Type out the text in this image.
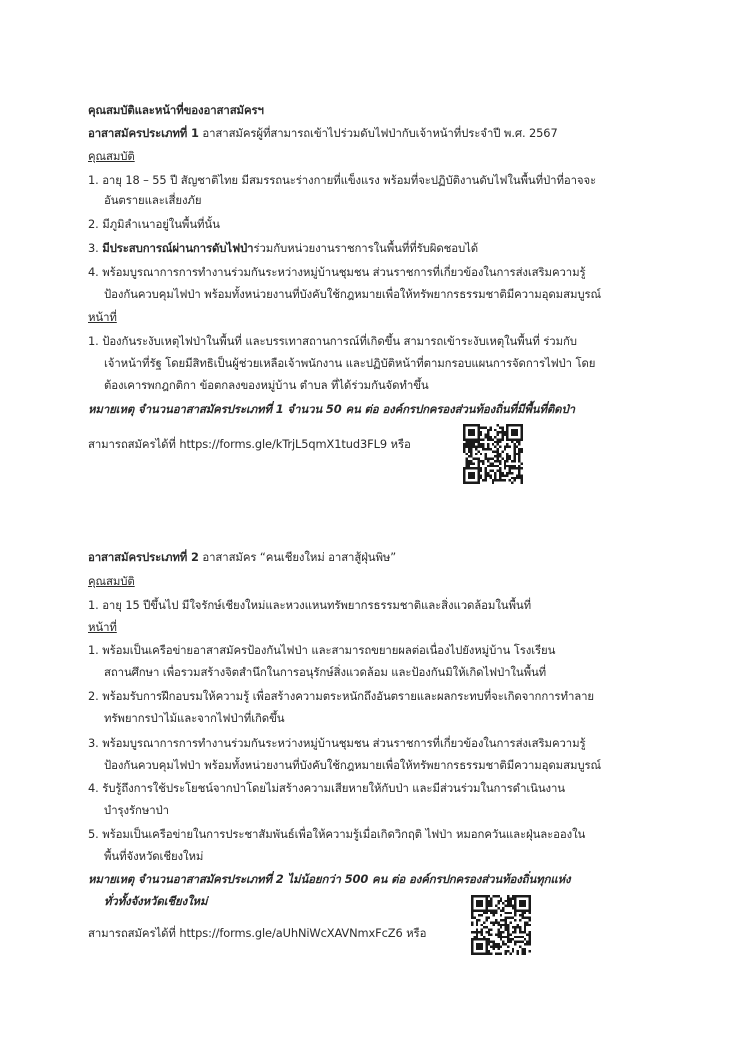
คุณสมบัติและหน้าที่ของอาสาสมัครฯ
อาสาสมัครประเภทที่ 1 อาสาสมัครผู้ที่สามารถเข้าไปร่วมดับไฟป่ากับเจ้าหน้าที่ประจำปี พ.ศ. 2567
คุณสมบัติ
1. อายุ 18 – 55 ปี สัญชาติไทย มีสมรรถนะร่างกายที่แข็งแรง พร้อมที่จะปฏิบัติงานดับไฟในพื้นที่ป่าที่อาจจะ
อันตรายและเสี่ยงภัย
2. มีภูมิลำเนาอยู่ในพื้นที่นั้น
3. มีประสบการณ์ผ่านการดับไฟป่าร่วมกับหน่วยงานราชการในพื้นที่ที่รับผิดชอบได้
4. พร้อมบูรณาการการทำงานร่วมกันระหว่างหมู่บ้านชุมชน ส่วนราชการที่เกี่ยวข้องในการส่งเสริมความรู้
ป้องกันควบคุมไฟป่า พร้อมทั้งหน่วยงานที่บังคับใช้กฎหมายเพื่อให้ทรัพยากรธรรมชาติมีความอุดมสมบูรณ์
หน้าที่
1. ป้องกันระงับเหตุไฟป่าในพื้นที่ และบรรเทาสถานการณ์ที่เกิดขึ้น สามารถเข้าระงับเหตุในพื้นที่ ร่วมกับ
เจ้าหน้าที่รัฐ โดยมีสิทธิเป็นผู้ช่วยเหลือเจ้าพนักงาน และปฏิบัติหน้าที่ตามกรอบแผนการจัดการไฟป่า โดย
ต้องเคารพกฎกติกา ข้อตกลงของหมู่บ้าน ตำบล ที่ได้ร่วมกันจัดทำขึ้น
หมายเหตุ จำนวนอาสาสมัครประเภทที่ 1 จำนวน 50 คน ต่อ องค์กรปกครองส่วนท้องถิ่นที่มีพื้นที่ติดป่า
สามารถสมัครได้ที่ https://forms.gle/kTrjL5qmX1tud3FL9 หรือ
อาสาสมัครประเภทที่ 2 อาสาสมัคร “คนเชียงใหม่ อาสาสู้ฝุ่นพิษ”
คุณสมบัติ
1. อายุ 15 ปีขึ้นไป มีใจรักษ์เชียงใหม่และหวงแหนทรัพยากรธรรมชาติและสิ่งแวดล้อมในพื้นที่
หน้าที่
1. พร้อมเป็นเครือข่ายอาสาสมัครป้องกันไฟป่า และสามารถขยายผลต่อเนื่องไปยังหมู่บ้าน โรงเรียน
สถานศึกษา เพื่อรวมสร้างจิตสำนึกในการอนุรักษ์สิ่งแวดล้อม และป้องกันมิให้เกิดไฟป่าในพื้นที่
2. พร้อมรับการฝึกอบรมให้ความรู้ เพื่อสร้างความตระหนักถึงอันตรายและผลกระทบที่จะเกิดจากการทำลาย
ทรัพยากรป่าไม้และจากไฟป่าที่เกิดขึ้น
3. พร้อมบูรณาการการทำงานร่วมกันระหว่างหมู่บ้านชุมชน ส่วนราชการที่เกี่ยวข้องในการส่งเสริมความรู้
ป้องกันควบคุมไฟป่า พร้อมทั้งหน่วยงานที่บังคับใช้กฎหมายเพื่อให้ทรัพยากรธรรมชาติมีความอุดมสมบูรณ์
4. รับรู้ถึงการใช้ประโยชน์จากป่าโดยไม่สร้างความเสียหายให้กับป่า และมีส่วนร่วมในการดำเนินงาน
บำรุงรักษาป่า
5. พร้อมเป็นเครือข่ายในการประชาสัมพันธ์เพื่อให้ความรู้เมื่อเกิดวิกฤติ ไฟป่า หมอกควันและฝุ่นละอองใน
พื้นที่จังหวัดเชียงใหม่
หมายเหตุ จำนวนอาสาสมัครประเภทที่ 2 ไม่น้อยกว่า 500 คน ต่อ องค์กรปกครองส่วนท้องถิ่นทุกแห่ง
ทั่วทั้งจังหวัดเชียงใหม่
สามารถสมัครได้ที่ https://forms.gle/aUhNiWcXAVNmxFcZ6 หรือ
